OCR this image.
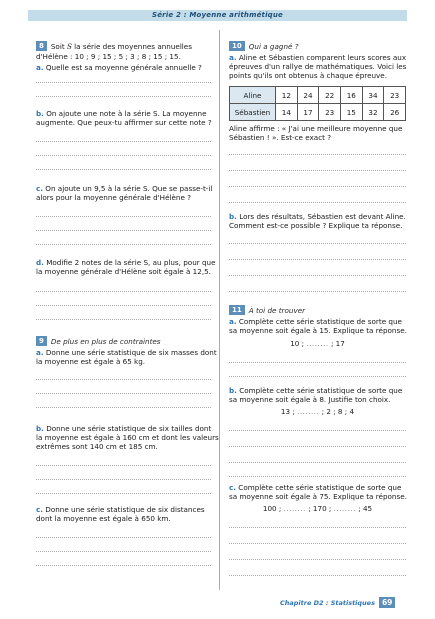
Série 2 : Moyenne arithmétique
8 Soit S la série des moyennes annuelles
d'Hélène : 10 ; 9 ; 15 ; 5 ; 3 ; 8 ; 15 ; 15.
a. Quelle est sa moyenne générale annuelle ?
b. On ajoute une note à la série S. La moyenne
augmente. Que peux-tu affirmer sur cette note ?
c. On ajoute un 9,5 à la série S. Que se passe-t-il
alors pour la moyenne générale d'Hélène ?
d. Modifie 2 notes de la série S, au plus, pour que
la moyenne générale d'Hélène soit égale à 12,5.
9 De plus en plus de contraintes
a. Donne une série statistique de six masses dont
la moyenne est égale à 65 kg.
b. Donne une série statistique de six tailles dont
la moyenne est égale à 160 cm et dont les valeurs
extrêmes sont 140 cm et 185 cm.
c. Donne une série statistique de six distances
dont la moyenne est égale à 650 km.
10 Qui a gagné ?
a. Aline et Sébastien comparent leurs scores aux
épreuves d'un rallye de mathématiques. Voici les
points qu'ils ont obtenus à chaque épreuve.
Aline	12	24	22	16	34	23
Sébastien	14	17	23	15	32	26
Aline affirme : « J'ai une meilleure moyenne que
Sébastien ! ». Est-ce exact ?
b. Lors des résultats, Sébastien est devant Aline.
Comment est-ce possible ? Explique ta réponse.
11 À toi de trouver
a. Complète cette série statistique de sorte que
sa moyenne soit égale à 15. Explique ta réponse.
10 ; ........ ; 17
b. Complète cette série statistique de sorte que
sa moyenne soit égale à 8. Justifie ton choix.
13 ; ........ ; 2 ; 8 ; 4
c. Complète cette série statistique de sorte que
sa moyenne soit égale à 75. Explique ta réponse.
100 ; ........ ; 170 ; ........ ; 45
Chapitre D2 : Statistiques 69
